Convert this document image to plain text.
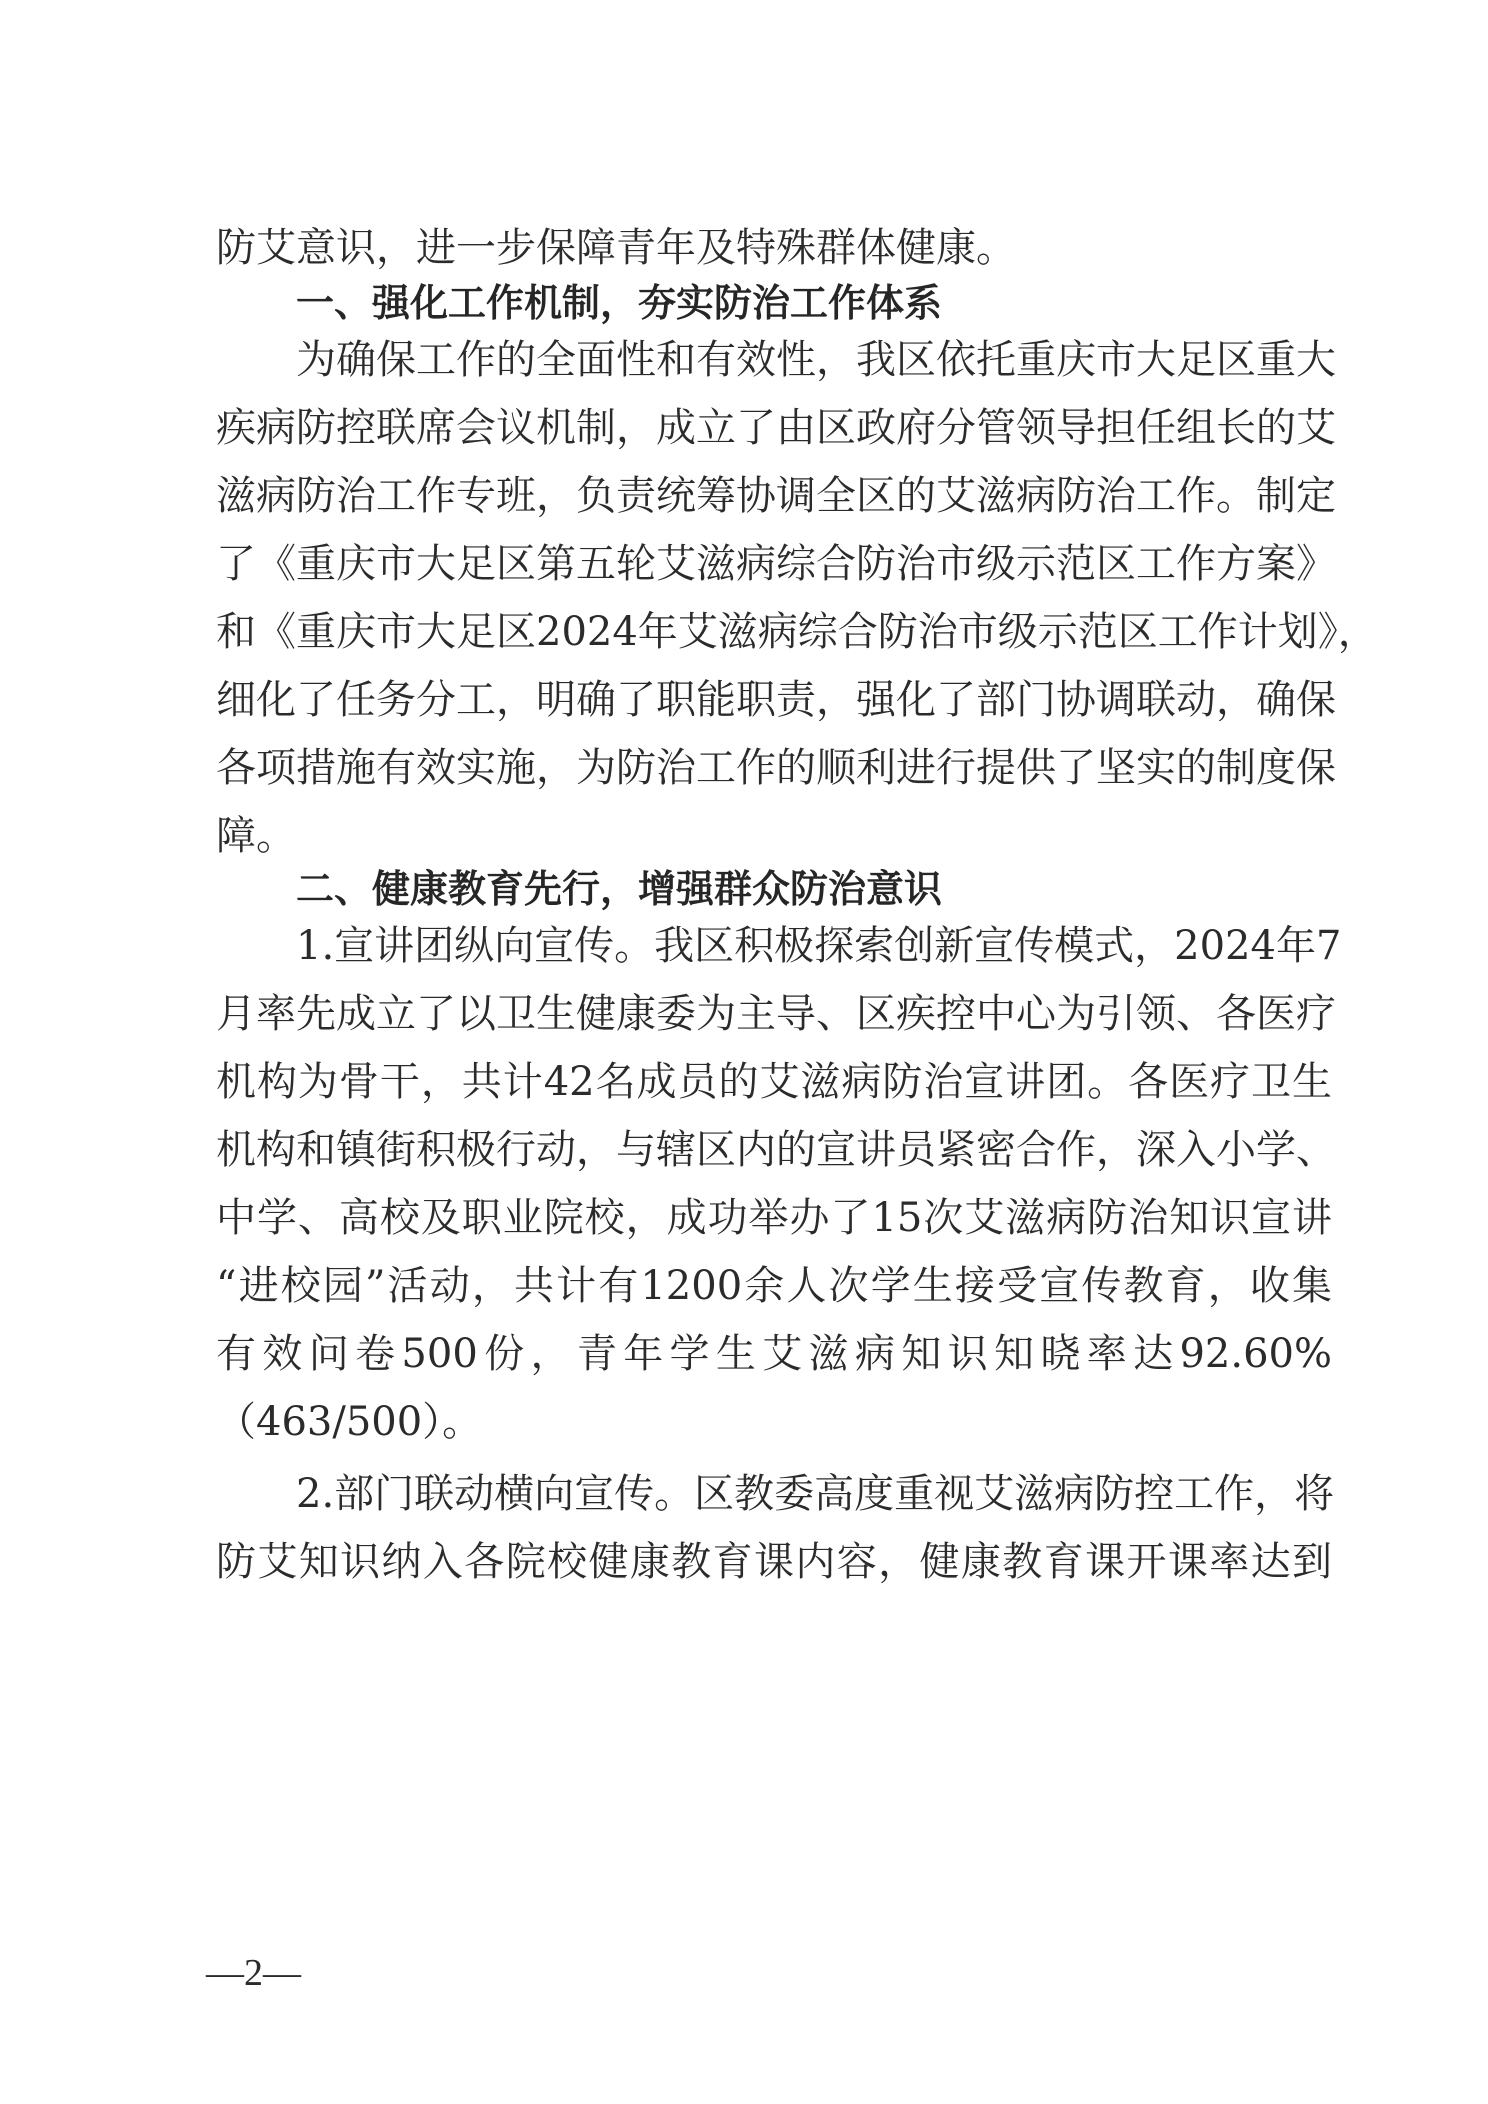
防艾意识，进一步保障青年及特殊群体健康。
一、强化工作机制，夯实防治工作体系
为确保工作的全面性和有效性，我区依托重庆市大足区重大
疾病防控联席会议机制，成立了由区政府分管领导担任组长的艾
滋病防治工作专班，负责统筹协调全区的艾滋病防治工作。制定
了《重庆市大足区第五轮艾滋病综合防治市级示范区工作方案》
和《重庆市大足区2024年艾滋病综合防治市级示范区工作计划》，
细化了任务分工，明确了职能职责，强化了部门协调联动，确保
各项措施有效实施，为防治工作的顺利进行提供了坚实的制度保
障。
二、健康教育先行，增强群众防治意识
1.宣讲团纵向宣传。我区积极探索创新宣传模式，2024年7
月率先成立了以卫生健康委为主导、区疾控中心为引领、各医疗
机构为骨干，共计42名成员的艾滋病防治宣讲团。各医疗卫生
机构和镇街积极行动，与辖区内的宣讲员紧密合作，深入小学、
中学、高校及职业院校，成功举办了15次艾滋病防治知识宣讲
“进校园”活动，共计有1200余人次学生接受宣传教育，收集
有效问卷500份，青年学生艾滋病知识知晓率达92.60%
（463/500）。
2.部门联动横向宣传。区教委高度重视艾滋病防控工作，将
防艾知识纳入各院校健康教育课内容，健康教育课开课率达到
—2—
